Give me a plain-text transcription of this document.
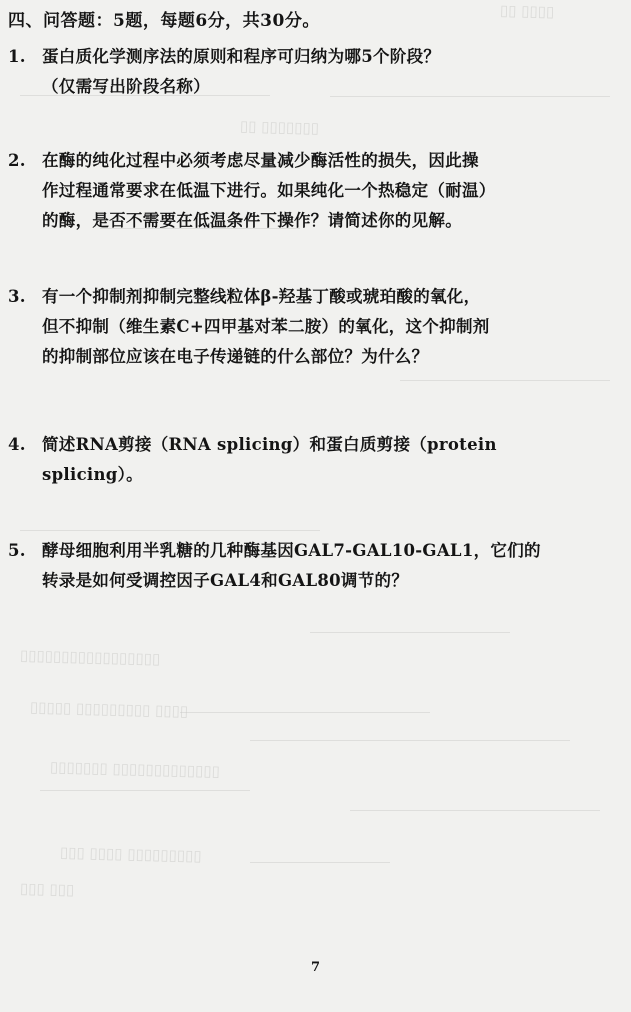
▯▯▯▯ ▯▯
▯▯▯▯▯▯▯ ▯▯
▯▯▯▯▯▯▯▯▯▯▯▯▯▯▯▯▯
▯▯▯▯ ▯▯▯▯▯▯▯▯▯ ▯▯▯▯▯
▯▯▯▯▯▯▯▯▯▯▯▯▯ ▯▯▯▯▯▯▯
▯▯▯▯▯▯▯▯▯ ▯▯▯▯ ▯▯▯
▯▯▯ ▯▯▯
四、问答题：5题，每题6分，共30分。
1. 蛋白质化学测序法的原则和程序可归纳为哪5个阶段？
（仅需写出阶段名称）
2. 在酶的纯化过程中必须考虑尽量减少酶活性的损失，因此操
作过程通常要求在低温下进行。如果纯化一个热稳定（耐温）
的酶，是否不需要在低温条件下操作？请简述你的见解。
3. 有一个抑制剂抑制完整线粒体β-羟基丁酸或琥珀酸的氧化，
但不抑制（维生素C+四甲基对苯二胺）的氧化，这个抑制剂
的抑制部位应该在电子传递链的什么部位？为什么？
4. 简述RNA剪接（RNA splicing）和蛋白质剪接（protein
splicing）。
5. 酵母细胞利用半乳糖的几种酶基因GAL7-GAL10-GAL1，它们的
转录是如何受调控因子GAL4和GAL80调节的？
7
